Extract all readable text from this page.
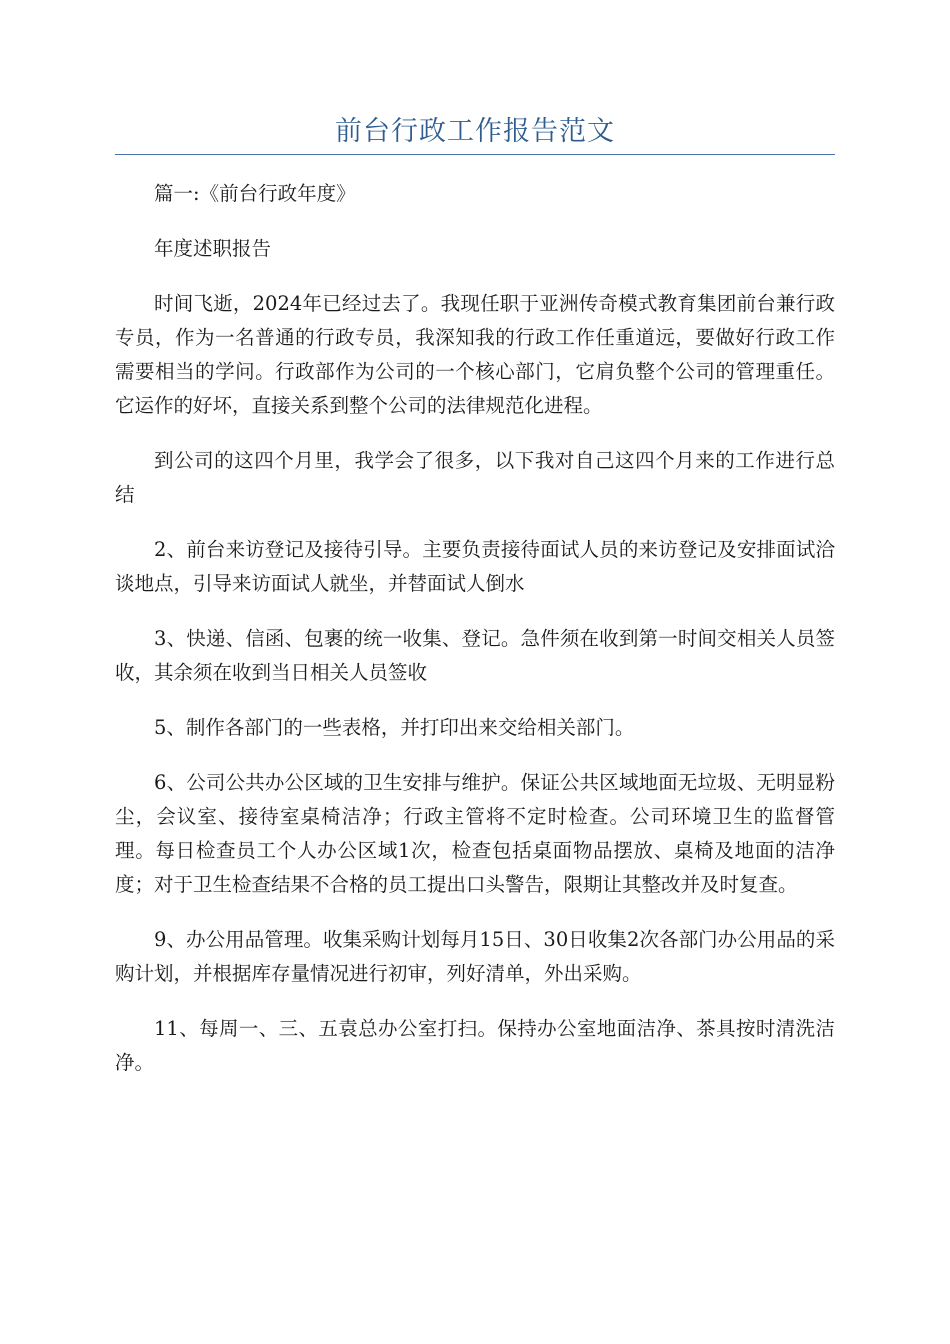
前台行政工作报告范文

篇一:《前台行政年度》

年度述职报告

时间飞逝，2024年已经过去了。我现任职于亚洲传奇模式教育集团前台兼行政专员，作为一名普通的行政专员，我深知我的行政工作任重道远，要做好行政工作需要相当的学问。行政部作为公司的一个核心部门，它肩负整个公司的管理重任。它运作的好坏，直接关系到整个公司的法律规范化进程。

到公司的这四个月里，我学会了很多，以下我对自己这四个月来的工作进行总结

2、前台来访登记及接待引导。主要负责接待面试人员的来访登记及安排面试洽谈地点，引导来访面试人就坐，并替面试人倒水

3、快递、信函、包裹的统一收集、登记。急件须在收到第一时间交相关人员签收，其余须在收到当日相关人员签收

5、制作各部门的一些表格，并打印出来交给相关部门。

6、公司公共办公区域的卫生安排与维护。保证公共区域地面无垃圾、无明显粉尘，会议室、接待室桌椅洁净；行政主管将不定时检查。公司环境卫生的监督管理。每日检查员工个人办公区域1次，检查包括桌面物品摆放、桌椅及地面的洁净度；对于卫生检查结果不合格的员工提出口头警告，限期让其整改并及时复查。

9、办公用品管理。收集采购计划每月15日、30日收集2次各部门办公用品的采购计划，并根据库存量情况进行初审，列好清单，外出采购。

11、每周一、三、五袁总办公室打扫。保持办公室地面洁净、茶具按时清洗洁净。
